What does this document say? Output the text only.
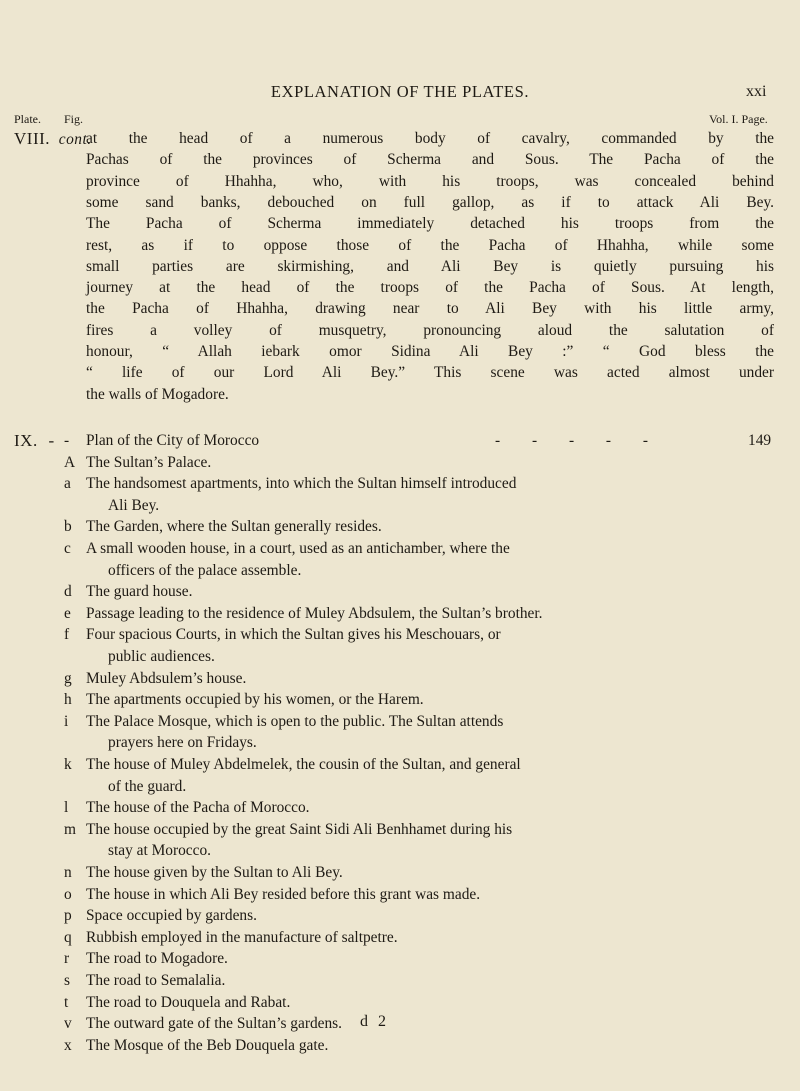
EXPLANATION OF THE PLATES.	xxi
Plate. Fig.	Vol. I. Page.
VIII. cont.
at the head of a numerous body of cavalry, commanded by the
Pachas of the provinces of Scherma and Sous. The Pacha of the
province of Hhahha, who, with his troops, was concealed behind
some sand banks, debouched on full gallop, as if to attack Ali Bey.
The Pacha of Scherma immediately detached his troops from the
rest, as if to oppose those of the Pacha of Hhahha, while some
small parties are skirmishing, and Ali Bey is quietly pursuing his
journey at the head of the troops of the Pacha of Sous. At length,
the Pacha of Hhahha, drawing near to Ali Bey with his little army,
fires a volley of musquetry, pronouncing aloud the salutation of
honour, “ Allah iebark omor Sidina Ali Bey :” “ God bless the
“ life of our Lord Ali Bey.” This scene was acted almost under
the walls of Mogadore.
IX. - - Plan of the City of Morocco	- - - - -	149
A The Sultan’s Palace.
a The handsomest apartments, into which the Sultan himself introduced
Ali Bey.
b The Garden, where the Sultan generally resides.
c A small wooden house, in a court, used as an antichamber, where the
officers of the palace assemble.
d The guard house.
e Passage leading to the residence of Muley Abdsulem, the Sultan’s brother.
f Four spacious Courts, in which the Sultan gives his Meschouars, or
public audiences.
g Muley Abdsulem’s house.
h The apartments occupied by his women, or the Harem.
i The Palace Mosque, which is open to the public. The Sultan attends
prayers here on Fridays.
k The house of Muley Abdelmelek, the cousin of the Sultan, and general
of the guard.
l The house of the Pacha of Morocco.
m The house occupied by the great Saint Sidi Ali Benhhamet during his
stay at Morocco.
n The house given by the Sultan to Ali Bey.
o The house in which Ali Bey resided before this grant was made.
p Space occupied by gardens.
q Rubbish employed in the manufacture of saltpetre.
r The road to Mogadore.
s The road to Semalalia.
t The road to Douquela and Rabat.
v The outward gate of the Sultan’s gardens.
x The Mosque of the Beb Douquela gate.
d 2
